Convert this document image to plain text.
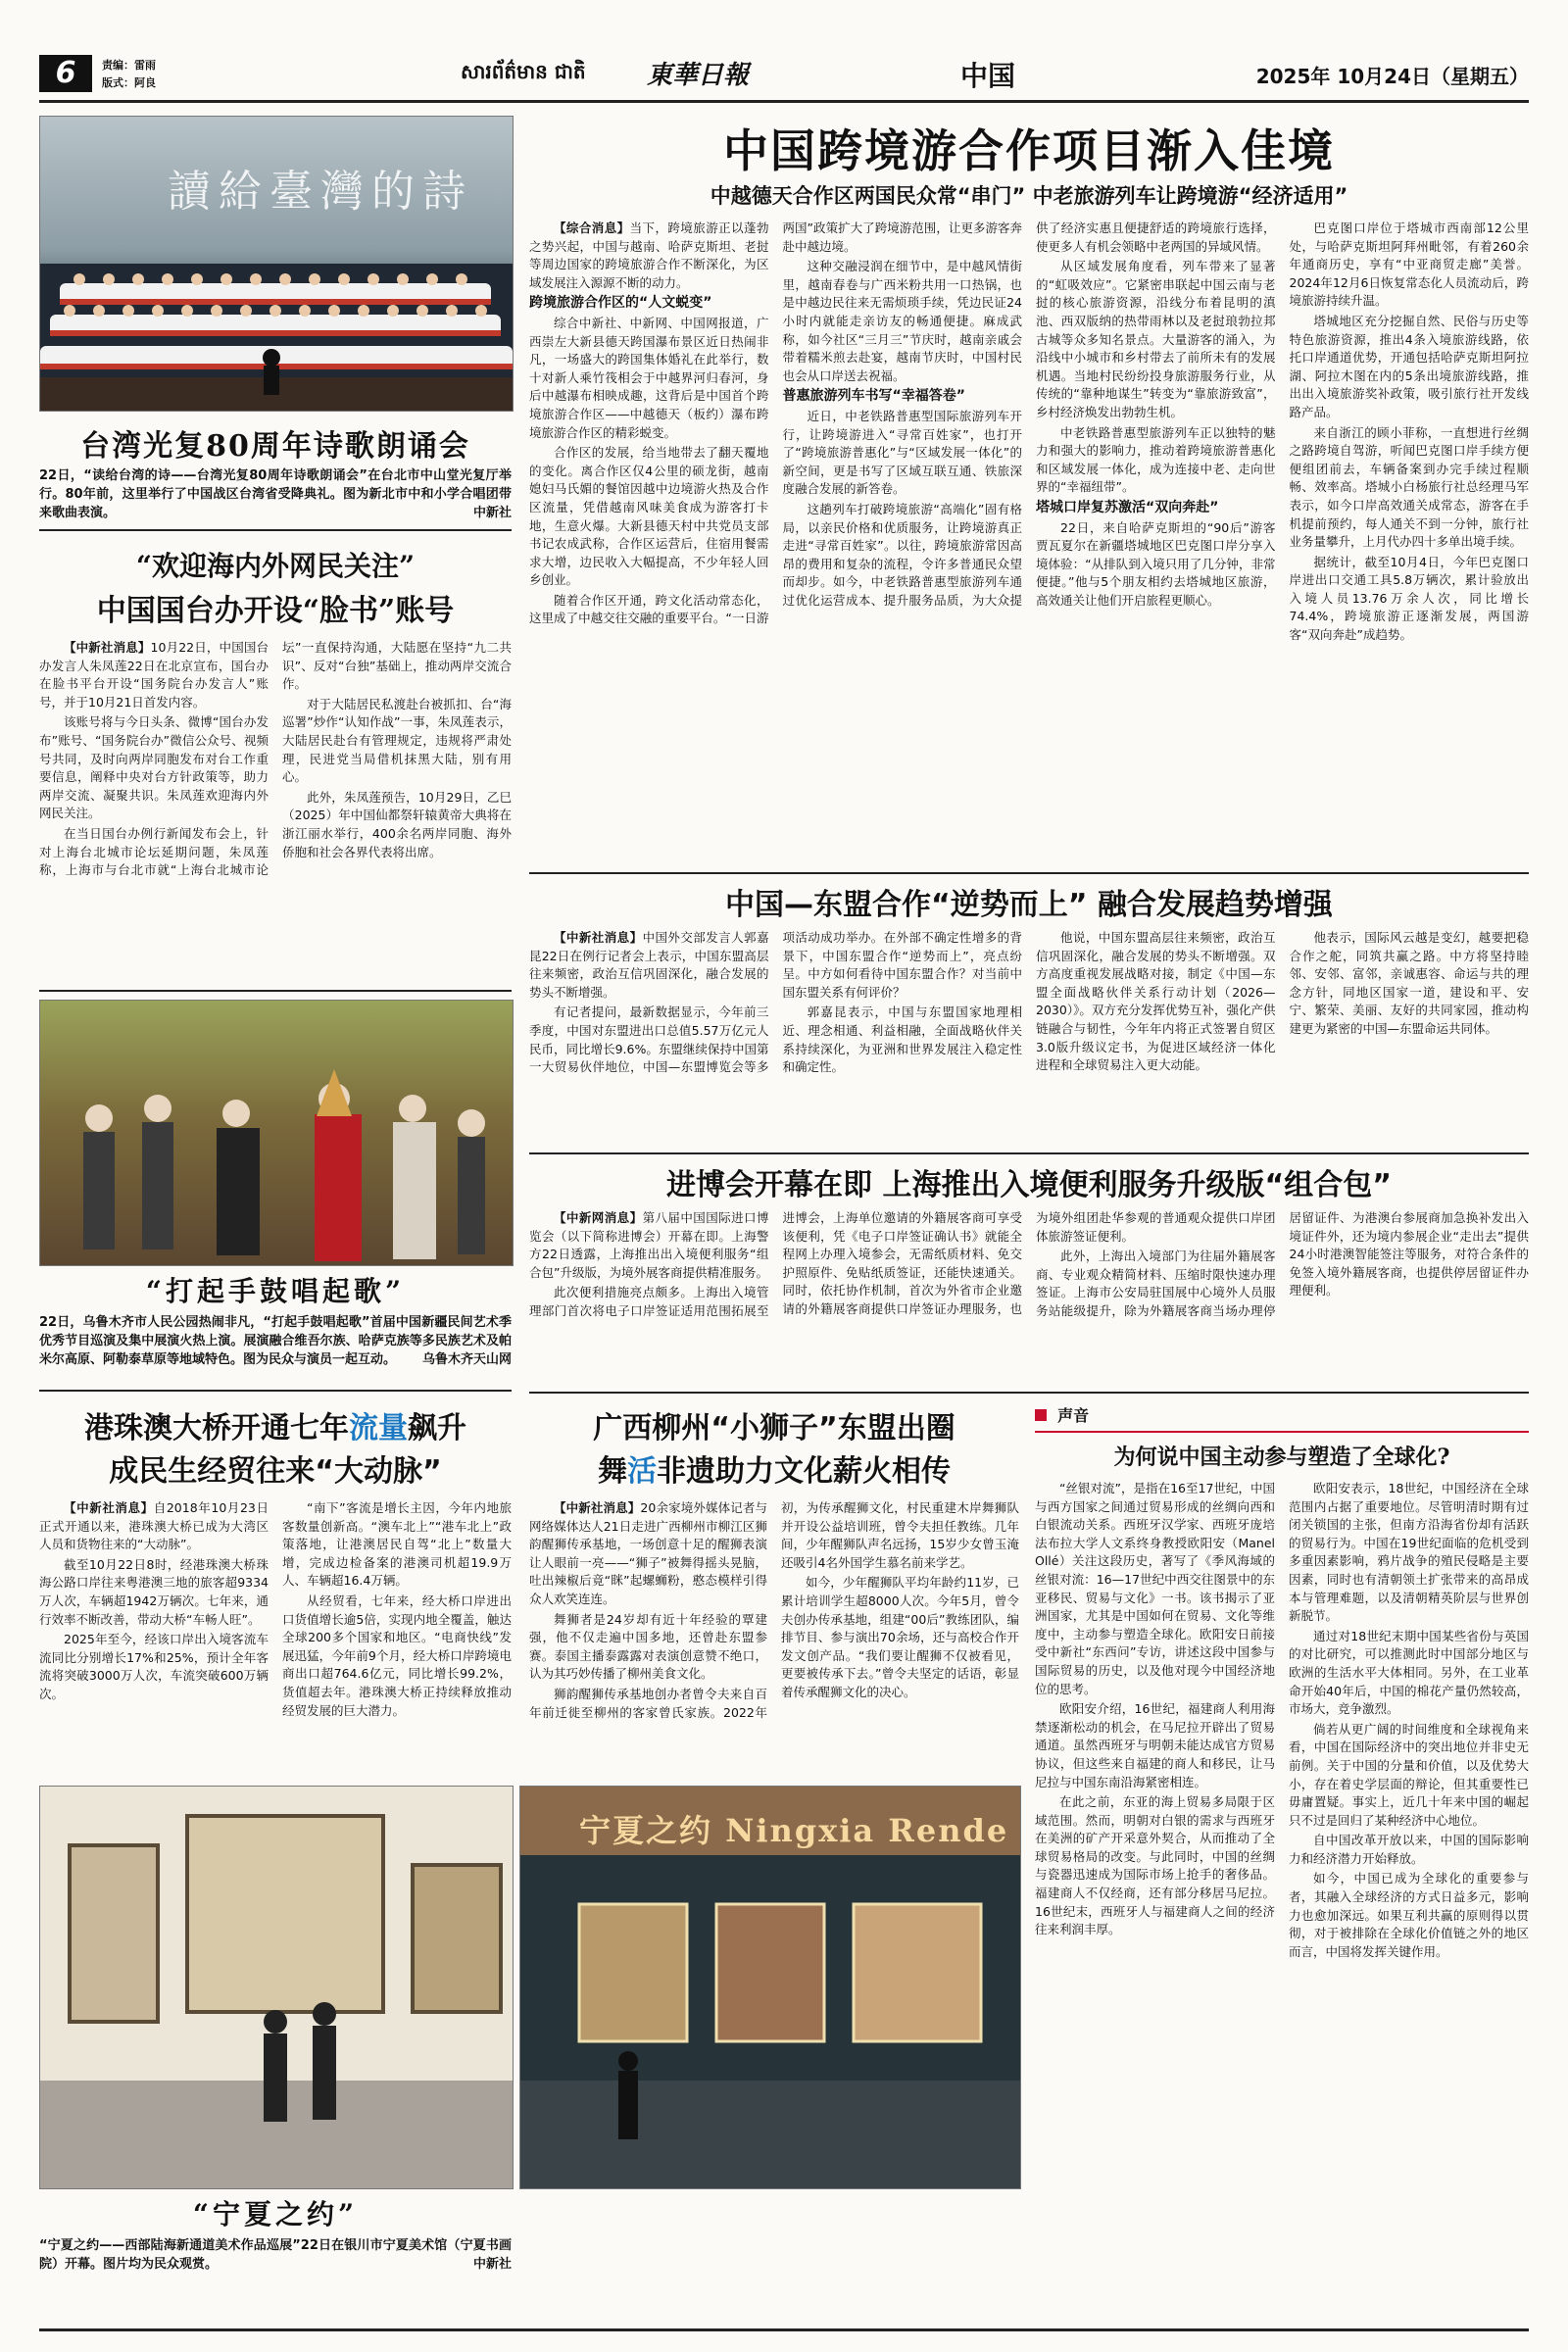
6	责编：雷雨
版式：阿良	សារព័ត៌មាន ជាតិ 東華日報	中国	2025年 10月24日（星期五）
讀給臺灣的詩
台湾光复80周年诗歌朗诵会
22日，“读给台湾的诗——台湾光复80周年诗歌朗诵会”在台北市中山堂光复厅举行。80年前，这里举行了中国战区台湾省受降典礼。图为新北市中和小学合唱团带来歌曲表演。	中新社
“欢迎海内外网民关注”
中国国台办开设“脸书”账号

【中新社消息】10月22日，中国国台办发言人朱凤莲22日在北京宣布，国台办在脸书平台开设“国务院台办发言人”账号，并于10月21日首发内容。

该账号将与今日头条、微博“国台办发布”账号、“国务院台办”微信公众号、视频号共同，及时向两岸同胞发布对台工作重要信息，阐释中央对台方针政策等，助力两岸交流、凝聚共识。朱凤莲欢迎海内外网民关注。

在当日国台办例行新闻发布会上，针对上海台北城市论坛延期问题，朱凤莲称，上海市与台北市就“上海台北城市论坛”一直保持沟通，大陆愿在坚持“九二共识”、反对“台独”基础上，推动两岸交流合作。

对于大陆居民私渡赴台被抓扣、台“海巡署”炒作“认知作战”一事，朱凤莲表示，大陆居民赴台有管理规定，违规将严肃处理，民进党当局借机抹黑大陆，别有用心。

此外，朱凤莲预告，10月29日，乙巳（2025）年中国仙都祭轩辕黄帝大典将在浙江丽水举行，400余名两岸同胞、海外侨胞和社会各界代表将出席。

“打起手鼓唱起歌”
22日，乌鲁木齐市人民公园热闹非凡，“打起手鼓唱起歌”首届中国新疆民间艺术季优秀节目巡演及集中展演火热上演。展演融合维吾尔族、哈萨克族等多民族艺术及帕米尔高原、阿勒泰草原等地域特色。图为民众与演员一起互动。 乌鲁木齐天山网
港珠澳大桥开通七年流量飙升
成民生经贸往来“大动脉”

【中新社消息】自2018年10月23日正式开通以来，港珠澳大桥已成为大湾区人员和货物往来的“大动脉”。

截至10月22日8时，经港珠澳大桥珠海公路口岸往来粤港澳三地的旅客超9334万人次，车辆超1942万辆次。七年来，通行效率不断改善，带动大桥“车畅人旺”。

2025年至今，经该口岸出入境客流车流同比分别增长17%和25%，预计全年客流将突破3000万人次，车流突破600万辆次。

“南下”客流是增长主因，今年内地旅客数量创新高。“澳车北上”“港车北上”政策落地，让港澳居民自驾“北上”数量大增，完成边检备案的港澳司机超19.9万人、车辆超16.4万辆。

从经贸看，七年来，经大桥口岸进出口货值增长逾5倍，实现内地全覆盖，触达全球200多个国家和地区。“电商快线”发展迅猛，今年前9个月，经大桥口岸跨境电商出口超764.6亿元，同比增长99.2%，货值超去年。港珠澳大桥正持续释放推动经贸发展的巨大潜力。

中国跨境游合作项目渐入佳境
中越德天合作区两国民众常“串门” 中老旅游列车让跨境游“经济适用”

【综合消息】当下，跨境旅游正以蓬勃之势兴起，中国与越南、哈萨克斯坦、老挝等周边国家的跨境旅游合作不断深化，为区域发展注入源源不断的动力。

跨境旅游合作区的“人文蜕变”

综合中新社、中新网、中国网报道，广西崇左大新县德天跨国瀑布景区近日热闹非凡，一场盛大的跨国集体婚礼在此举行，数十对新人乘竹筏相会于中越界河归春河，身后中越瀑布相映成趣，这背后是中国首个跨境旅游合作区——中越德天（板约）瀑布跨境旅游合作区的精彩蜕变。

合作区的发展，给当地带去了翻天覆地的变化。离合作区仅4公里的硕龙街，越南媳妇马氏媚的餐馆因越中边境游火热及合作区流量，凭借越南风味美食成为游客打卡地，生意火爆。大新县德天村中共党员支部书记农成武称，合作区运营后，住宿用餐需求大增，边民收入大幅提高，不少年轻人回乡创业。

随着合作区开通，跨文化活动常态化，这里成了中越交往交融的重要平台。“一日游两国”政策扩大了跨境游范围，让更多游客奔赴中越边境。

这种交融浸润在细节中，是中越风情街里，越南春卷与广西米粉共用一口热锅，也是中越边民往来无需烦琐手续，凭边民证24小时内就能走亲访友的畅通便捷。麻成武称，如今社区“三月三”节庆时，越南亲戚会带着糯米煎去赴宴，越南节庆时，中国村民也会从口岸送去祝福。

普惠旅游列车书写“幸福答卷”

近日，中老铁路普惠型国际旅游列车开行，让跨境游进入“寻常百姓家”，也打开了“跨境旅游普惠化”与“区域发展一体化”的新空间，更是书写了区域互联互通、铁旅深度融合发展的新答卷。

这趟列车打破跨境旅游“高端化”固有格局，以亲民价格和优质服务，让跨境游真正走进“寻常百姓家”。以往，跨境旅游常因高昂的费用和复杂的流程，令许多普通民众望而却步。如今，中老铁路普惠型旅游列车通过优化运营成本、提升服务品质，为大众提供了经济实惠且便捷舒适的跨境旅行选择，使更多人有机会领略中老两国的异域风情。

从区域发展角度看，列车带来了显著的“虹吸效应”。它紧密串联起中国云南与老挝的核心旅游资源，沿线分布着昆明的滇池、西双版纳的热带雨林以及老挝琅勃拉邦古城等众多知名景点。大量游客的涌入，为沿线中小城市和乡村带去了前所未有的发展机遇。当地村民纷纷投身旅游服务行业，从传统的“靠种地谋生”转变为“靠旅游致富”，乡村经济焕发出勃勃生机。

中老铁路普惠型旅游列车正以独特的魅力和强大的影响力，推动着跨境旅游普惠化和区域发展一体化，成为连接中老、走向世界的“幸福纽带”。

塔城口岸复苏激活“双向奔赴”

22日，来自哈萨克斯坦的“90后”游客贾瓦夏尔在新疆塔城地区巴克图口岸分享入境体验：“从排队到入境只用了几分钟，非常便捷。”他与5个朋友相约去塔城地区旅游，高效通关让他们开启旅程更顺心。

巴克图口岸位于塔城市西南部12公里处，与哈萨克斯坦阿拜州毗邻，有着260余年通商历史，享有“中亚商贸走廊”美誉。2024年12月6日恢复常态化人员流动后，跨境旅游持续升温。

塔城地区充分挖掘自然、民俗与历史等特色旅游资源，推出4条入境旅游线路，依托口岸通道优势，开通包括哈萨克斯坦阿拉湖、阿拉木图在内的5条出境旅游线路，推出出入境旅游奖补政策，吸引旅行社开发线路产品。

来自浙江的顾小菲称，一直想进行丝绸之路跨境自驾游，听闻巴克图口岸手续方便便组团前去，车辆备案到办完手续过程顺畅、效率高。塔城小白杨旅行社总经理马军表示，如今口岸高效通关成常态，游客在手机提前预约，每人通关不到一分钟，旅行社业务量攀升，上月代办四十多单出境手续。

据统计，截至10月4日，今年巴克图口岸进出口交通工具5.8万辆次，累计验放出入境人员13.76万余人次，同比增长74.4%，跨境旅游正逐渐发展，两国游客“双向奔赴”成趋势。

中国—东盟合作“逆势而上” 融合发展趋势增强

【中新社消息】中国外交部发言人郭嘉昆22日在例行记者会上表示，中国东盟高层往来频密，政治互信巩固深化，融合发展的势头不断增强。

有记者提问，最新数据显示，今年前三季度，中国对东盟进出口总值5.57万亿元人民币，同比增长9.6%。东盟继续保持中国第一大贸易伙伴地位，中国—东盟博览会等多项活动成功举办。在外部不确定性增多的背景下，中国东盟合作“逆势而上”，亮点纷呈。中方如何看待中国东盟合作？对当前中国东盟关系有何评价？

郭嘉昆表示，中国与东盟国家地理相近、理念相通、利益相融，全面战略伙伴关系持续深化，为亚洲和世界发展注入稳定性和确定性。

他说，中国东盟高层往来频密，政治互信巩固深化，融合发展的势头不断增强。双方高度重视发展战略对接，制定《中国—东盟全面战略伙伴关系行动计划（2026—2030）》。双方充分发挥优势互补，强化产供链融合与韧性，今年年内将正式签署自贸区3.0版升级议定书，为促进区域经济一体化进程和全球贸易注入更大动能。

他表示，国际风云越是变幻，越要把稳合作之舵，同筑共赢之路。中方将坚持睦邻、安邻、富邻，亲诚惠容、命运与共的理念方针，同地区国家一道，建设和平、安宁、繁荣、美丽、友好的共同家园，推动构建更为紧密的中国—东盟命运共同体。

进博会开幕在即 上海推出入境便利服务升级版“组合包”

【中新网消息】第八届中国国际进口博览会（以下简称进博会）开幕在即。上海警方22日透露，上海推出出入境便利服务“组合包”升级版，为境外展客商提供精准服务。

此次便利措施亮点颇多。上海出入境管理部门首次将电子口岸签证适用范围拓展至进博会，上海单位邀请的外籍展客商可享受该便利，凭《电子口岸签证确认书》就能全程网上办理入境参会，无需纸质材料、免交护照原件、免贴纸质签证，还能快速通关。同时，依托协作机制，首次为外省市企业邀请的外籍展客商提供口岸签证办理服务，也为境外组团赴华参观的普通观众提供口岸团体旅游签证便利。

此外，上海出入境部门为往届外籍展客商、专业观众精简材料、压缩时限快速办理签证。上海市公安局驻国展中心境外人员服务站能级提升，除为外籍展客商当场办理停居留证件、为港澳台参展商加急换补发出入境证件外，还为境内参展企业“走出去”提供24小时港澳智能签注等服务，对符合条件的免签入境外籍展客商，也提供停居留证件办理便利。

广西柳州“小狮子”东盟出圈
舞活非遗助力文化薪火相传

【中新社消息】20余家境外媒体记者与网络媒体达人21日走进广西柳州市柳江区狮韵醒狮传承基地，一场创意十足的醒狮表演让人眼前一亮——“狮子”被舞得摇头晃脑，吐出辣椒后竟“眯”起螺蛳粉，憨态模样引得众人欢笑连连。

舞狮者是24岁却有近十年经验的覃建强，他不仅走遍中国多地，还曾赴东盟参赛。泰国主播泰露露对表演创意赞不绝口，认为其巧妙传播了柳州美食文化。

狮韵醒狮传承基地创办者曾令夫来自百年前迁徙至柳州的客家曾氏家族。2022年初，为传承醒狮文化，村民重建木岸舞狮队并开设公益培训班，曾令夫担任教练。几年间，少年醒狮队声名远扬，15岁少女曾玉淹还吸引4名外国学生慕名前来学艺。

如今，少年醒狮队平均年龄约11岁，已累计培训学生超8000人次。今年5月，曾令夫创办传承基地，组建“00后”教练团队，编排节目、参与演出70余场，还与高校合作开发文创产品。“我们要让醒狮不仅被看见，更要被传承下去。”曾令夫坚定的话语，彰显着传承醒狮文化的决心。

声音
为何说中国主动参与塑造了全球化?

“丝银对流”，是指在16至17世纪，中国与西方国家之间通过贸易形成的丝绸向西和白银流动关系。西班牙汉学家、西班牙庞培法布拉大学人文系终身教授欧阳安（Manel Ollé）关注这段历史，著写了《季风海域的丝银对流：16—17世纪中西交往图景中的东亚移民、贸易与文化》一书。该书揭示了亚洲国家，尤其是中国如何在贸易、文化等维度中，主动参与塑造全球化。欧阳安日前接受中新社“东西问”专访，讲述这段中国参与国际贸易的历史，以及他对现今中国经济地位的思考。

欧阳安介绍，16世纪，福建商人利用海禁逐渐松动的机会，在马尼拉开辟出了贸易通道。虽然西班牙与明朝未能达成官方贸易协议，但这些来自福建的商人和移民，让马尼拉与中国东南沿海紧密相连。

在此之前，东亚的海上贸易多局限于区域范围。然而，明朝对白银的需求与西班牙在美洲的矿产开采意外契合，从而推动了全球贸易格局的改变。与此同时，中国的丝绸与瓷器迅速成为国际市场上抢手的奢侈品。福建商人不仅经商，还有部分移居马尼拉。16世纪末，西班牙人与福建商人之间的经济往来利润丰厚。

欧阳安表示，18世纪，中国经济在全球范围内占据了重要地位。尽管明清时期有过闭关锁国的主张，但南方沿海省份却有活跃的贸易行为。中国在19世纪面临的危机受到多重因素影响，鸦片战争的殖民侵略是主要因素，同时也有清朝领土扩张带来的高昂成本与管理难题，以及清朝精英阶层与世界创新脱节。

通过对18世纪末期中国某些省份与英国的对比研究，可以推测此时中国部分地区与欧洲的生活水平大体相同。另外，在工业革命开始40年后，中国的棉花产量仍然较高，市场大，竞争激烈。

倘若从更广阔的时间维度和全球视角来看，中国在国际经济中的突出地位并非史无前例。关于中国的分量和价值，以及优势大小，存在着史学层面的辩论，但其重要性已毋庸置疑。事实上，近几十年来中国的崛起只不过是回归了某种经济中心地位。

自中国改革开放以来，中国的国际影响力和经济潜力开始释放。

如今，中国已成为全球化的重要参与者，其融入全球经济的方式日益多元，影响力也愈加深远。如果互利共赢的原则得以贯彻，对于被排除在全球化价值链之外的地区而言，中国将发挥关键作用。

宁夏之约 Ningxia Rende
“宁夏之约”
“宁夏之约——西部陆海新通道美术作品巡展”22日在银川市宁夏美术馆（宁夏书画院）开幕。图片均为民众观赏。	中新社
